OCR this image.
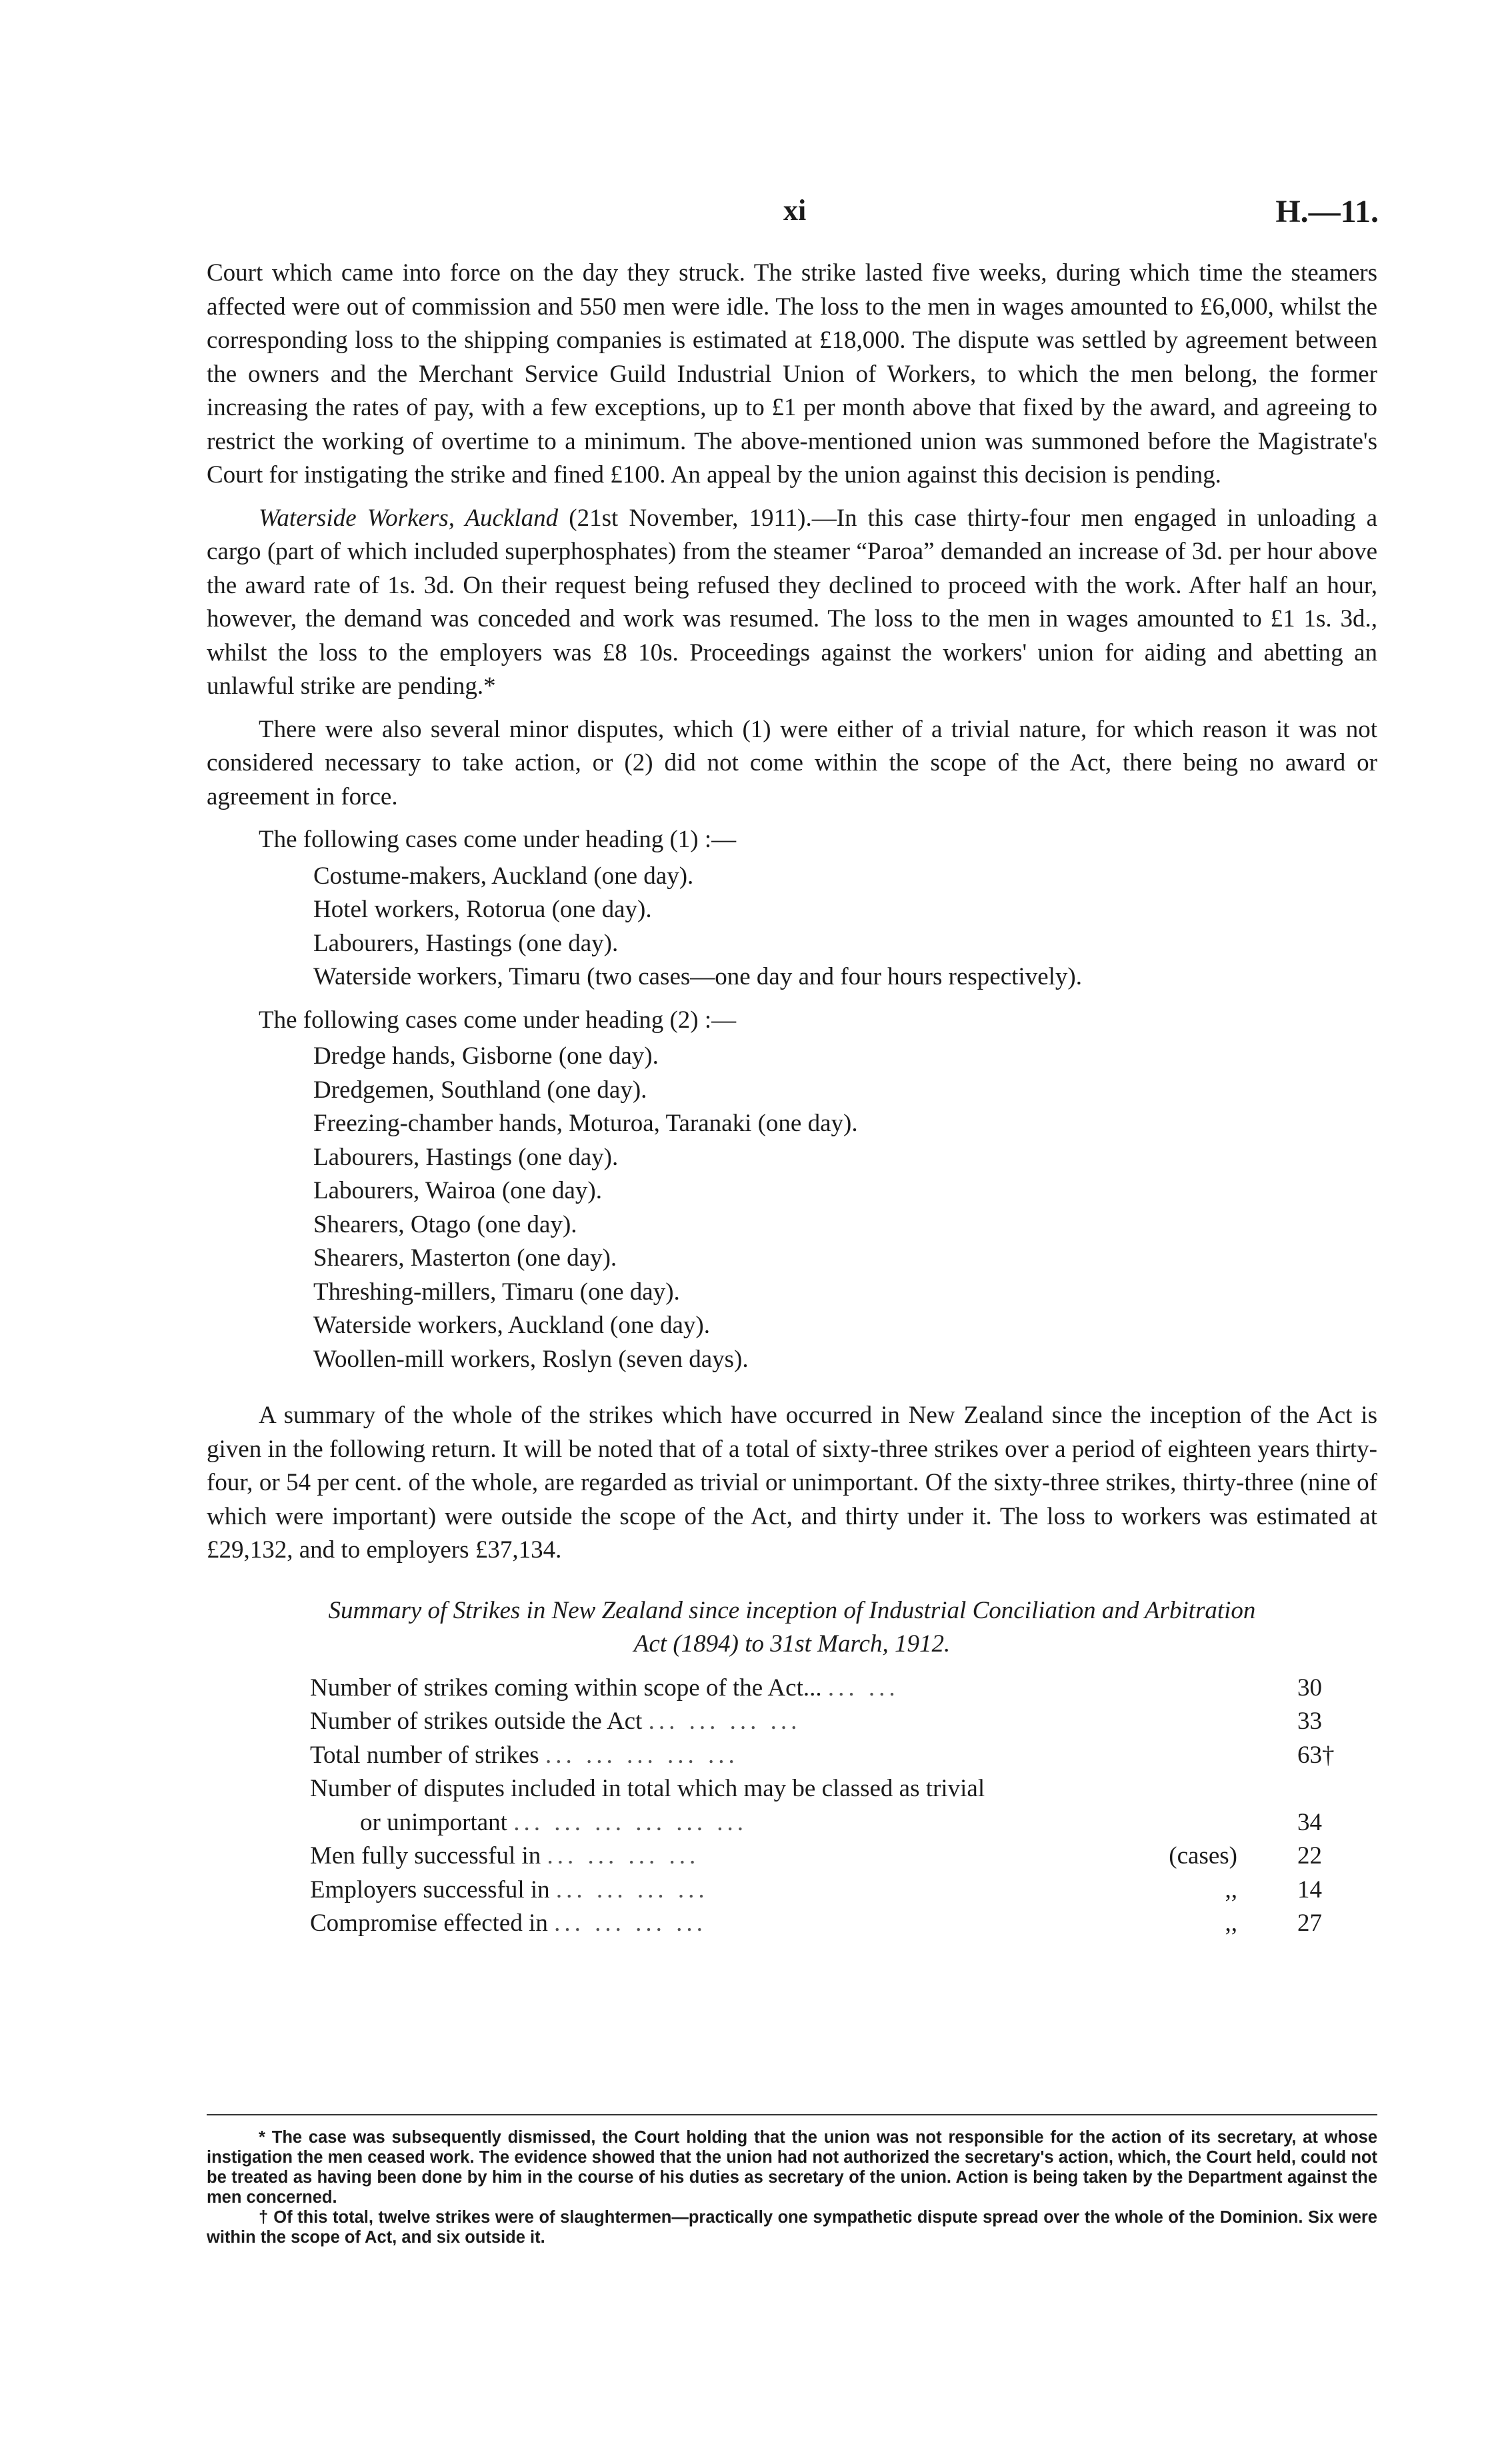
xi	H.—11.

Court which came into force on the day they struck. The strike lasted five weeks, during which time the steamers affected were out of commission and 550 men were idle. The loss to the men in wages amounted to £6,000, whilst the corresponding loss to the shipping companies is estimated at £18,000. The dispute was settled by agreement between the owners and the Merchant Service Guild Industrial Union of Workers, to which the men belong, the former increasing the rates of pay, with a few exceptions, up to £1 per month above that fixed by the award, and agreeing to restrict the working of overtime to a minimum. The above-mentioned union was summoned before the Magistrate's Court for instigating the strike and fined £100. An appeal by the union against this decision is pending.

Waterside Workers, Auckland (21st November, 1911).—In this case thirty-four men engaged in unloading a cargo (part of which included superphosphates) from the steamer “Paroa” demanded an increase of 3d. per hour above the award rate of 1s. 3d. On their request being refused they declined to proceed with the work. After half an hour, however, the demand was conceded and work was resumed. The loss to the men in wages amounted to £1 1s. 3d., whilst the loss to the employers was £8 10s. Proceedings against the workers' union for aiding and abetting an unlawful strike are pending.*

There were also several minor disputes, which (1) were either of a trivial nature, for which reason it was not considered necessary to take action, or (2) did not come within the scope of the Act, there being no award or agreement in force.

The following cases come under heading (1) :—

Costume-makers, Auckland (one day).
Hotel workers, Rotorua (one day).
Labourers, Hastings (one day).
Waterside workers, Timaru (two cases—one day and four hours respectively).

The following cases come under heading (2) :—

Dredge hands, Gisborne (one day).
Dredgemen, Southland (one day).
Freezing-chamber hands, Moturoa, Taranaki (one day).
Labourers, Hastings (one day).
Labourers, Wairoa (one day).
Shearers, Otago (one day).
Shearers, Masterton (one day).
Threshing-millers, Timaru (one day).
Waterside workers, Auckland (one day).
Woollen-mill workers, Roslyn (seven days).

A summary of the whole of the strikes which have occurred in New Zealand since the inception of the Act is given in the following return. It will be noted that of a total of sixty-three strikes over a period of eighteen years thirty-four, or 54 per cent. of the whole, are regarded as trivial or unimportant. Of the sixty-three strikes, thirty-three (nine of which were important) were outside the scope of the Act, and thirty under it. The loss to workers was estimated at £29,132, and to employers £37,134.

Summary of Strikes in New Zealand since inception of Industrial Conciliation and Arbitration
Act (1894) to 31st March, 1912.
Number of strikes coming within scope of the Act... ... ...		30
Number of strikes outside the Act ... ... ... ...		33
Total number of strikes ... ... ... ... ...		63†
Number of disputes included in total which may be classed as trivial		
or unimportant ... ... ... ... ... ...		34
Men fully successful in ... ... ... ...	(cases)	22
Employers successful in ... ... ... ...	,,	14
Compromise effected in ... ... ... ...	,,	27

* The case was subsequently dismissed, the Court holding that the union was not responsible for the action of its secretary, at whose instigation the men ceased work. The evidence showed that the union had not authorized the secretary's action, which, the Court held, could not be treated as having been done by him in the course of his duties as secretary of the union. Action is being taken by the Department against the men concerned.

† Of this total, twelve strikes were of slaughtermen—practically one sympathetic dispute spread over the whole of the Dominion. Six were within the scope of Act, and six outside it.
